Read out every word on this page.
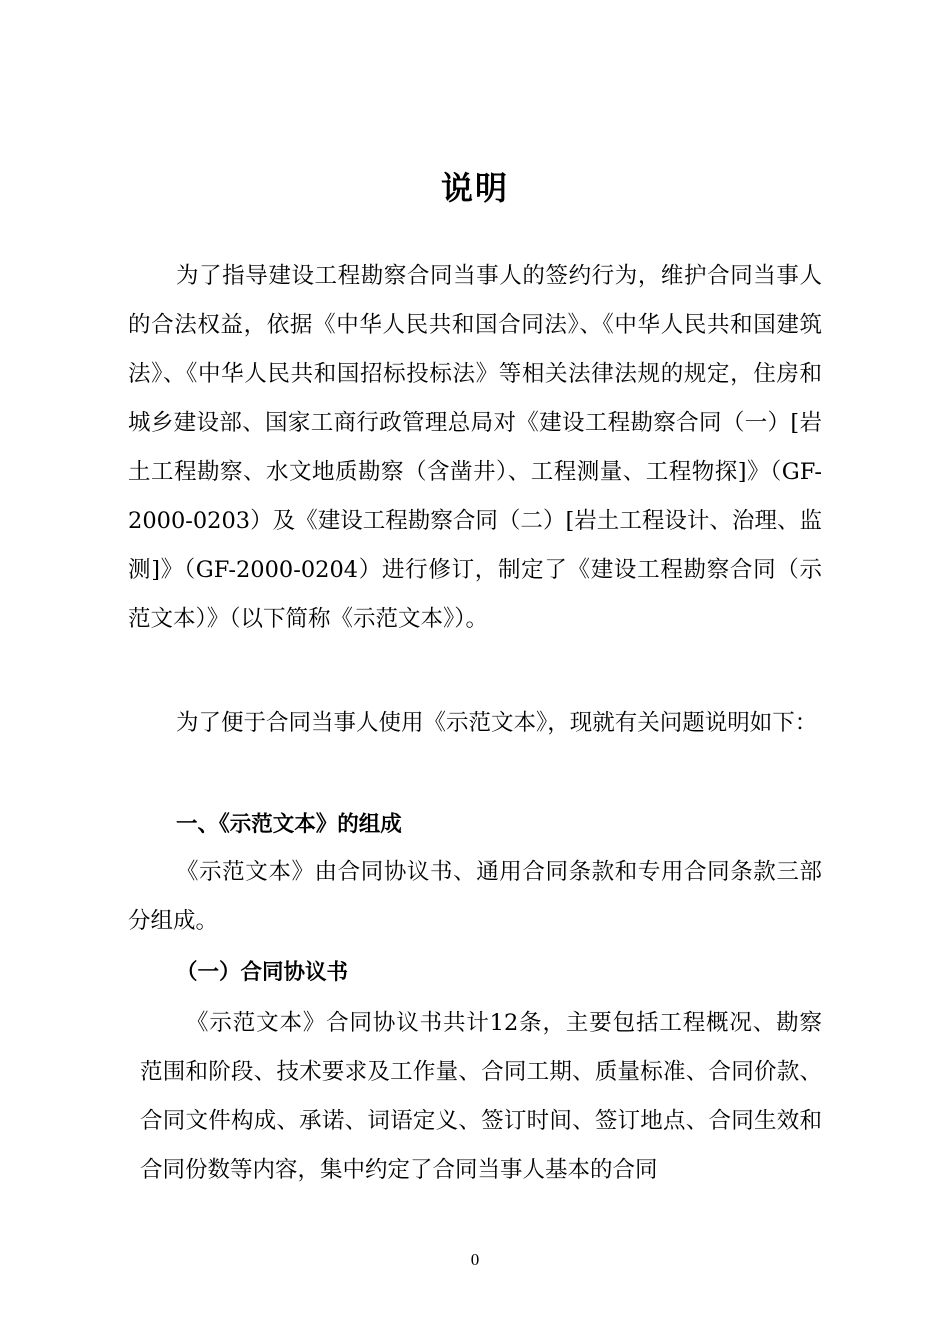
说明

为了指导建设工程勘察合同当事人的签约行为，维护合同当事人的合法权益，依据《中华人民共和国合同法》、《中华人民共和国建筑法》、《中华人民共和国招标投标法》等相关法律法规的规定，住房和城乡建设部、国家工商行政管理总局对《建设工程勘察合同（一）[岩土工程勘察、水文地质勘察（含凿井）、工程测量、工程物探]》（GF-2000-0203）及《建设工程勘察合同（二）[岩土工程设计、治理、监测]》（GF-2000-0204）进行修订，制定了《建设工程勘察合同（示范文本）》（以下简称《示范文本》）。

为了便于合同当事人使用《示范文本》，现就有关问题说明如下：

一、《示范文本》的组成

《示范文本》由合同协议书、通用合同条款和专用合同条款三部分组成。

（一）合同协议书

《示范文本》合同协议书共计12条，主要包括工程概况、勘察范围和阶段、技术要求及工作量、合同工期、质量标准、合同价款、合同文件构成、承诺、词语定义、签订时间、签订地点、合同生效和合同份数等内容，集中约定了合同当事人基本的合同

0
